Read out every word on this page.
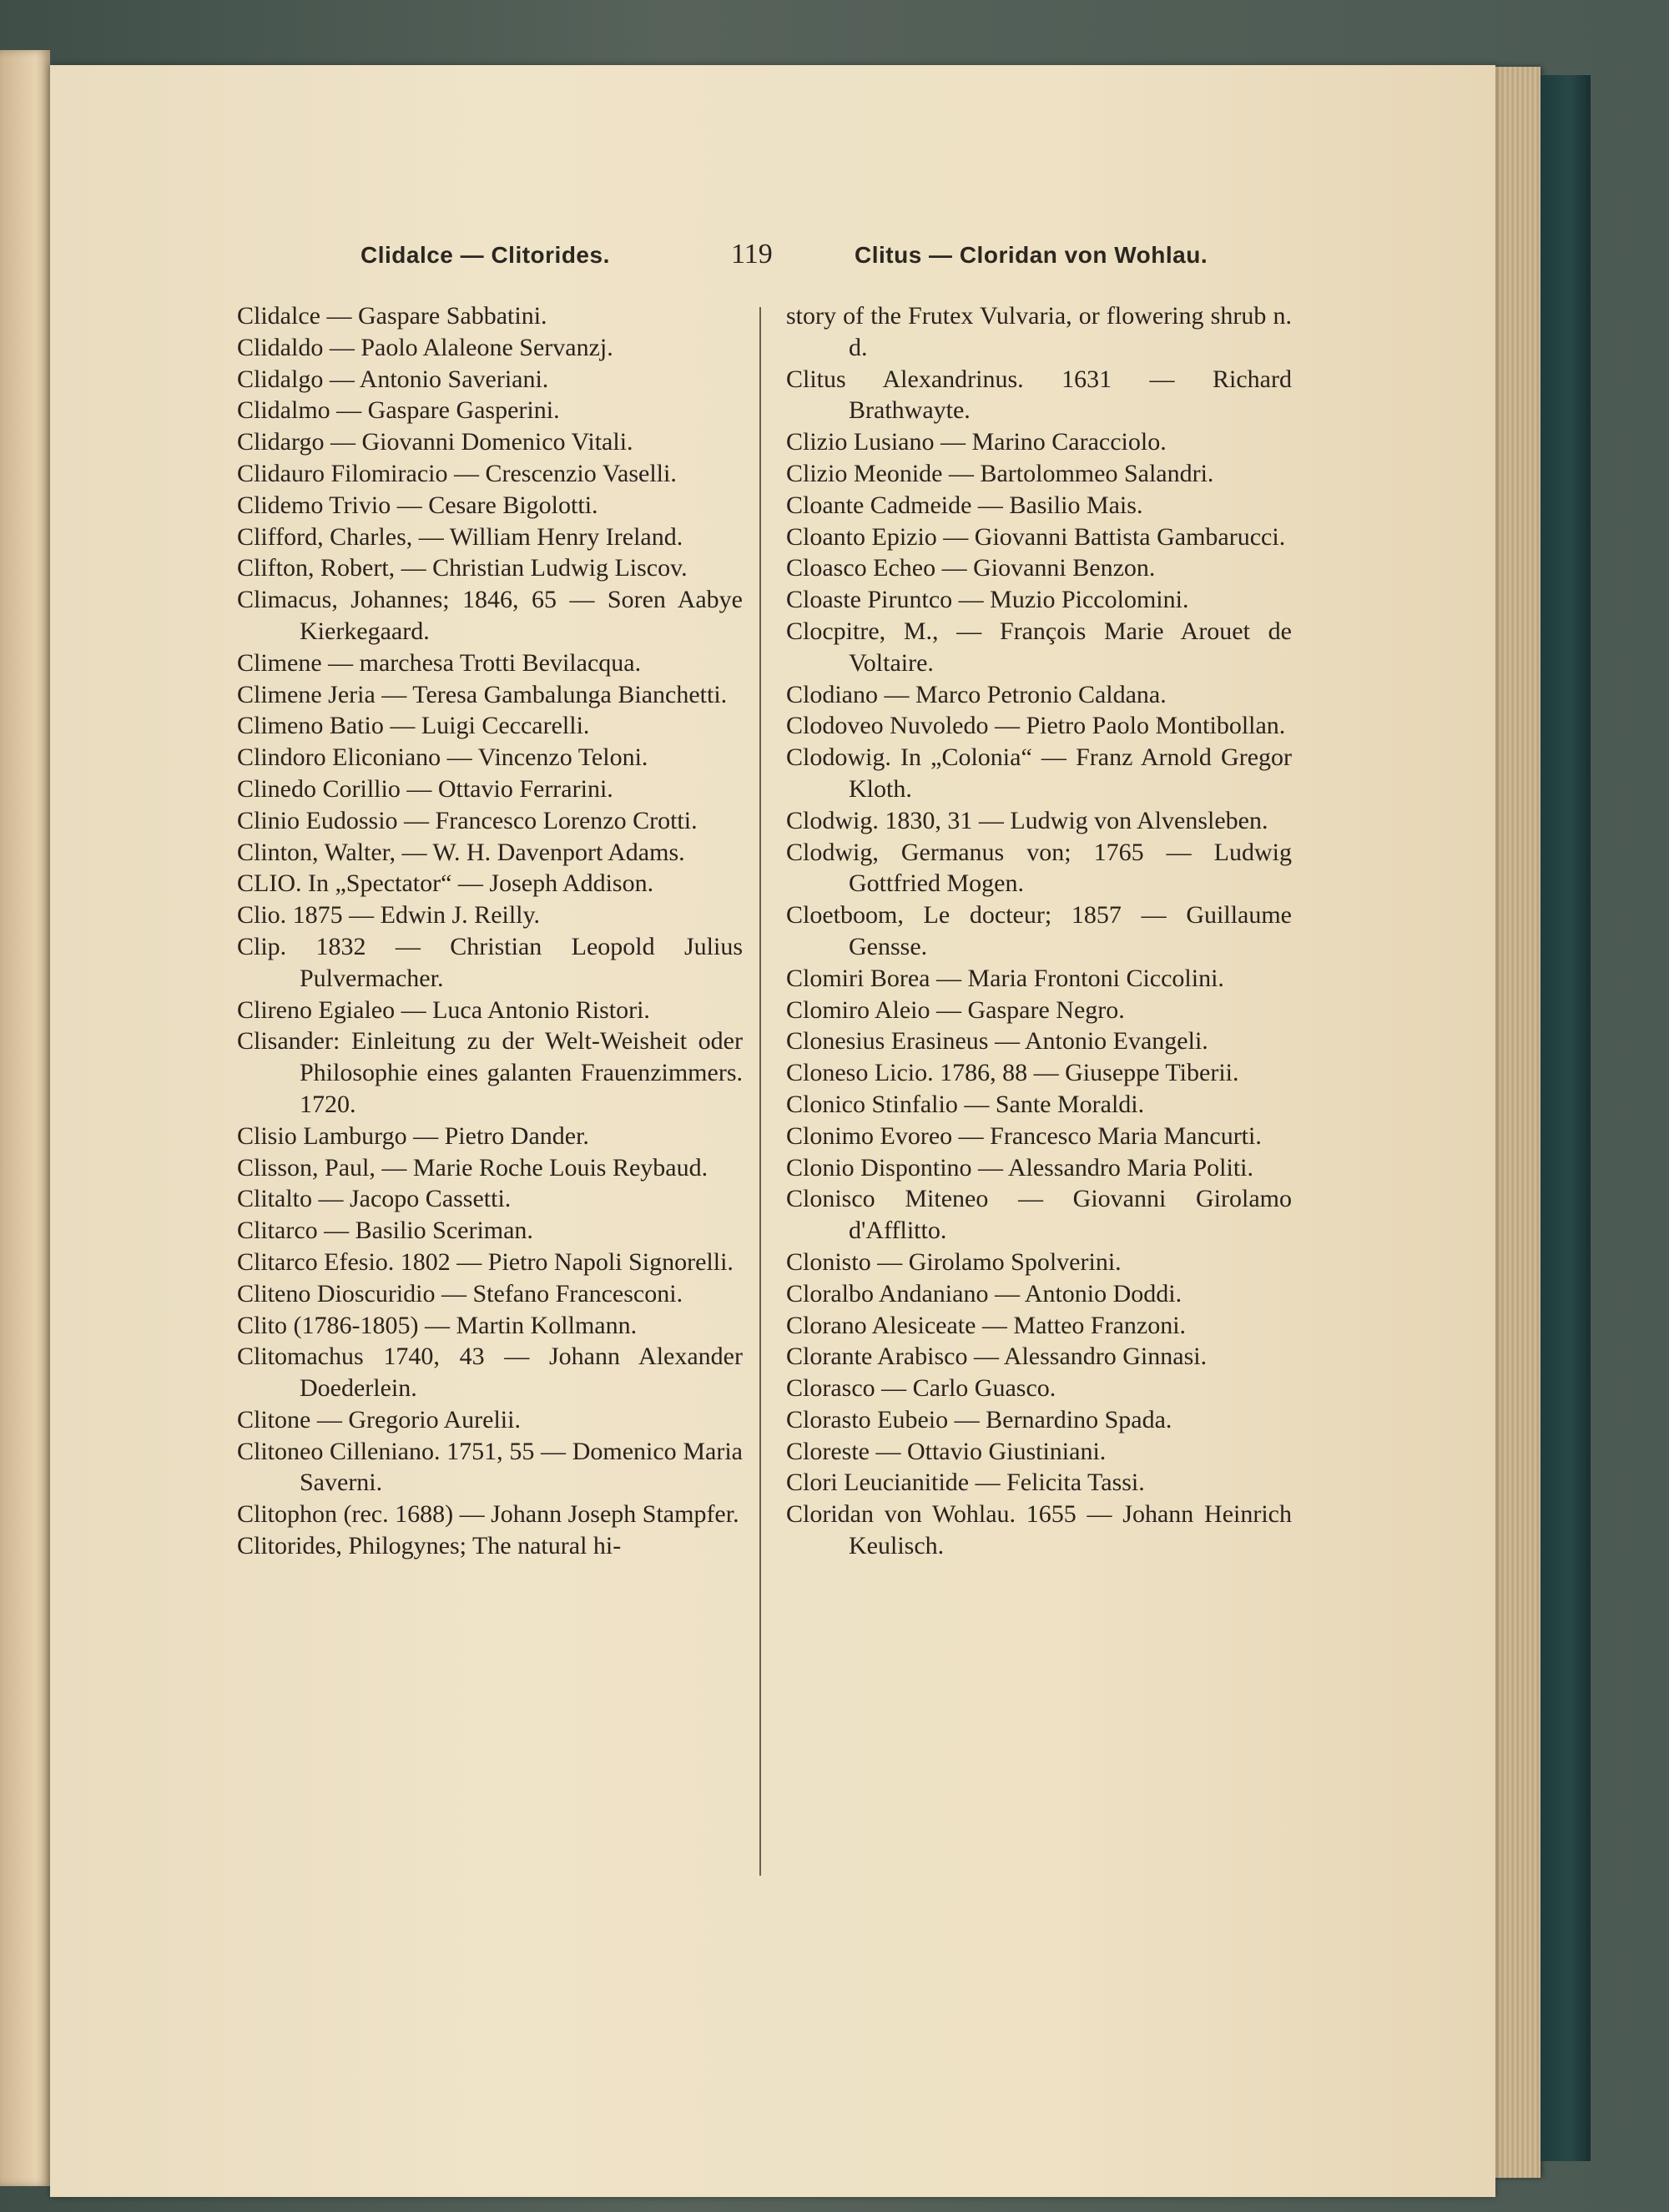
Clidalce — Clitorides.	119	Clitus — Cloridan von Wohlau.

Clidalce — Gaspare Sabbatini.

Clidaldo — Paolo Alaleone Servanzj.

Clidalgo — Antonio Saveriani.

Clidalmo — Gaspare Gasperini.

Clidargo — Giovanni Domenico Vitali.

Clidauro Filomiracio — Crescenzio Vaselli.

Clidemo Trivio — Cesare Bigolotti.

Clifford, Charles, — William Henry Ireland.

Clifton, Robert, — Christian Ludwig Liscov.

Climacus, Johannes; 1846, 65 — Soren Aabye Kierkegaard.

Climene — marchesa Trotti Bevilacqua.

Climene Jeria — Teresa Gambalunga Bianchetti.

Climeno Batio — Luigi Ceccarelli.

Clindoro Eliconiano — Vincenzo Teloni.

Clinedo Corillio — Ottavio Ferrarini.

Clinio Eudossio — Francesco Lorenzo Crotti.

Clinton, Walter, — W. H. Davenport Adams.

CLIO. In „Spectator“ — Joseph Addison.

Clio. 1875 — Edwin J. Reilly.

Clip. 1832 — Christian Leopold Julius Pulvermacher.

Clireno Egialeo — Luca Antonio Ristori.

Clisander: Einleitung zu der Welt-Weisheit oder Philosophie eines galanten Frauenzimmers. 1720.

Clisio Lamburgo — Pietro Dander.

Clisson, Paul, — Marie Roche Louis Reybaud.

Clitalto — Jacopo Cassetti.

Clitarco — Basilio Sceriman.

Clitarco Efesio. 1802 — Pietro Napoli Signorelli.

Cliteno Dioscuridio — Stefano Francesconi.

Clito (1786-1805) — Martin Kollmann.

Clitomachus 1740, 43 — Johann Alexander Doederlein.

Clitone — Gregorio Aurelii.

Clitoneo Cilleniano. 1751, 55 — Domenico Maria Saverni.

Clitophon (rec. 1688) — Johann Joseph Stampfer.

Clitorides, Philogynes; The natural hi-

story of the Frutex Vulvaria, or flowering shrub n. d.

Clitus Alexandrinus. 1631 — Richard Brathwayte.

Clizio Lusiano — Marino Caracciolo.

Clizio Meonide — Bartolommeo Salandri.

Cloante Cadmeide — Basilio Mais.

Cloanto Epizio — Giovanni Battista Gambarucci.

Cloasco Echeo — Giovanni Benzon.

Cloaste Piruntco — Muzio Piccolomini.

Clocpitre, M., — François Marie Arouet de Voltaire.

Clodiano — Marco Petronio Caldana.

Clodoveo Nuvoledo — Pietro Paolo Montibollan.

Clodowig. In „Colonia“ — Franz Arnold Gregor Kloth.

Clodwig. 1830, 31 — Ludwig von Alvensleben.

Clodwig, Germanus von; 1765 — Ludwig Gottfried Mogen.

Cloetboom, Le docteur; 1857 — Guillaume Gensse.

Clomiri Borea — Maria Frontoni Ciccolini.

Clomiro Aleio — Gaspare Negro.

Clonesius Erasineus — Antonio Evangeli.

Cloneso Licio. 1786, 88 — Giuseppe Tiberii.

Clonico Stinfalio — Sante Moraldi.

Clonimo Evoreo — Francesco Maria Mancurti.

Clonio Dispontino — Alessandro Maria Politi.

Clonisco Miteneo — Giovanni Girolamo d'Afflitto.

Clonisto — Girolamo Spolverini.

Cloralbo Andaniano — Antonio Doddi.

Clorano Alesiceate — Matteo Franzoni.

Clorante Arabisco — Alessandro Ginnasi.

Clorasco — Carlo Guasco.

Clorasto Eubeio — Bernardino Spada.

Cloreste — Ottavio Giustiniani.

Clori Leucianitide — Felicita Tassi.

Cloridan von Wohlau. 1655 — Johann Heinrich Keulisch.
